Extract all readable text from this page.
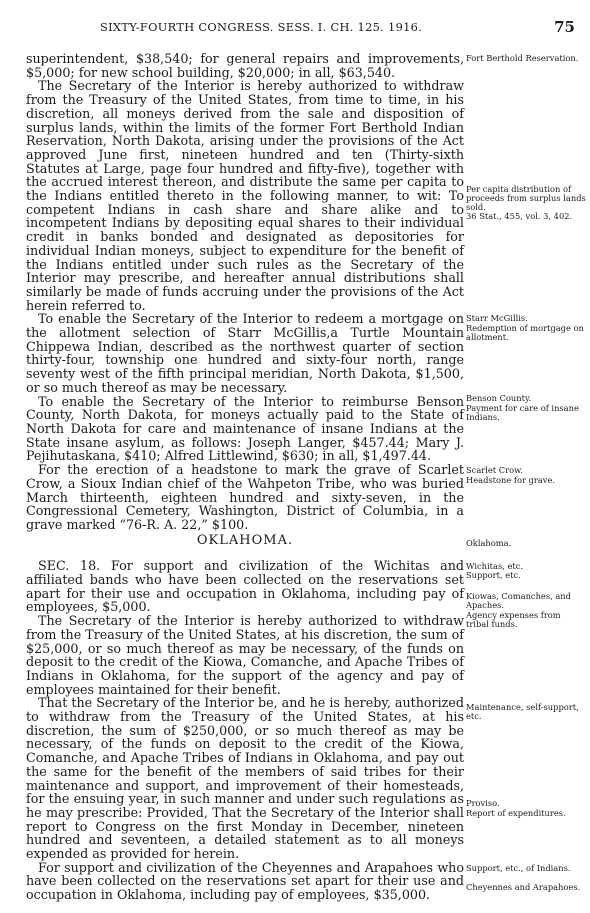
SIXTY-FOURTH CONGRESS. SESS. I. CH. 125. 1916.	75

superintendent, $38,540; for general repairs and improvements, $5,000; for new school building, $20,000; in all, $63,540.

The Secretary of the Interior is hereby authorized to withdraw from the Treasury of the United States, from time to time, in his discretion, all moneys derived from the sale and disposition of surplus lands, within the limits of the former Fort Berthold Indian Reservation, North Dakota, arising under the provisions of the Act approved June first, nineteen hundred and ten (Thirty-sixth Statutes at Large, page four hundred and fifty-five), together with the accrued interest thereon, and distribute the same per capita to the Indians entitled thereto in the following manner, to wit: To competent Indians in cash share and share alike and to incompetent Indians by depositing equal shares to their individual credit in banks bonded and designated as depositories for individual Indian moneys, subject to expenditure for the benefit of the Indians entitled under such rules as the Secretary of the Interior may prescribe, and hereafter annual distributions shall similarly be made of funds accruing under the provisions of the Act herein referred to.

To enable the Secretary of the Interior to redeem a mortgage on the allotment selection of Starr McGillis,a Turtle Mountain Chippewa Indian, described as the northwest quarter of section thirty-four, township one hundred and sixty-four north, range seventy west of the fifth principal meridian, North Dakota, $1,500, or so much thereof as may be necessary.

To enable the Secretary of the Interior to reimburse Benson County, North Dakota, for moneys actually paid to the State of North Dakota for care and maintenance of insane Indians at the State insane asylum, as follows: Joseph Langer, $457.44; Mary J. Pejihutaskana, $410; Alfred Littlewind, $630; in all, $1,497.44.

For the erection of a headstone to mark the grave of Scarlet Crow, a Sioux Indian chief of the Wahpeton Tribe, who was buried March thirteenth, eighteen hundred and sixty-seven, in the Congressional Cemetery, Washington, District of Columbia, in a grave marked “76-R. A. 22,” $100.

OKLAHOMA.

SEC. 18. For support and civilization of the Wichitas and affiliated bands who have been collected on the reservations set apart for their use and occupation in Oklahoma, including pay of employees, $5,000.

The Secretary of the Interior is hereby authorized to withdraw from the Treasury of the United States, at his discretion, the sum of $25,000, or so much thereof as may be necessary, of the funds on deposit to the credit of the Kiowa, Comanche, and Apache Tribes of Indians in Oklahoma, for the support of the agency and pay of employees maintained for their benefit.

That the Secretary of the Interior be, and he is hereby, authorized to withdraw from the Treasury of the United States, at his discretion, the sum of $250,000, or so much thereof as may be necessary, of the funds on deposit to the credit of the Kiowa, Comanche, and Apache Tribes of Indians in Oklahoma, and pay out the same for the benefit of the members of said tribes for their maintenance and support, and improvement of their homesteads, for the ensuing year, in such manner and under such regulations as he may prescribe: Provided, That the Secretary of the Interior shall report to Congress on the first Monday in December, nineteen hundred and seventeen, a detailed statement as to all moneys expended as provided for herein.

For support and civilization of the Cheyennes and Arapahoes who have been collected on the reservations set apart for their use and occupation in Oklahoma, including pay of employees, $35,000.

Fort Berthold Reservation.
Per capita distribution of proceeds from surplus lands sold.
36 Stat., 455, vol. 3, 402.
Starr McGillis.
Redemption of mortgage on allotment.
Benson County.
Payment for care of insane Indians.
Scarlet Crow.
Headstone for grave.
Oklahoma.
Wichitas, etc.
Support, etc.
Kiowas, Comanches, and Apaches.
Agency expenses from tribal funds.
Maintenance, self-support, etc.
Proviso.
Report of expenditures.
Support, etc., of Indians.
Cheyennes and Arapahoes.
